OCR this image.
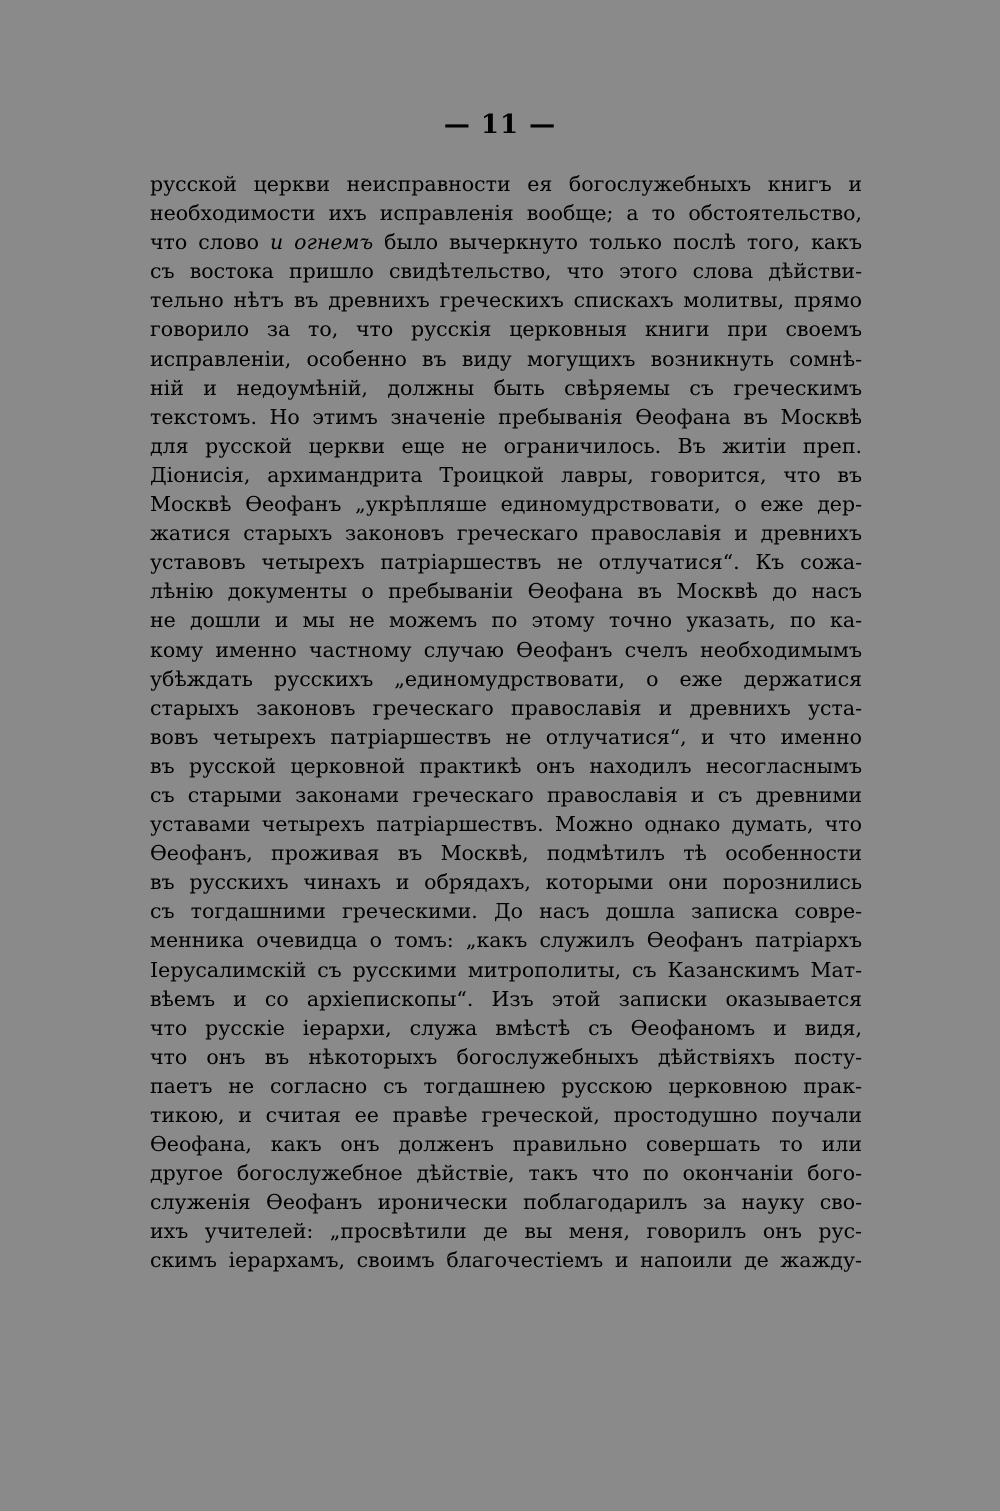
— 11 —
русской церкви неисправности ея богослужебныхъ книгъ и
необходимости ихъ исправленія вообще; а то обстоятельство,
что слово и огнемъ было вычеркнуто только послѣ того, какъ
съ востока пришло свидѣтельство, что этого слова дѣйстви-
тельно нѣтъ въ древнихъ греческихъ спискахъ молитвы, прямо
говорило за то, что русскія церковныя книги при своемъ
исправленіи, особенно въ виду могущихъ возникнуть сомнѣ-
ній и недоумѣній, должны быть свѣряемы съ греческимъ
текстомъ. Но этимъ значеніе пребыванія Ѳеофана въ Москвѣ
для русской церкви еще не ограничилось. Въ житіи преп.
Діонисія, архимандрита Троицкой лавры, говорится, что въ
Москвѣ Ѳеофанъ „укрѣпляше единомудрствовати, о еже дер-
жатися старыхъ законовъ греческаго православія и древнихъ
уставовъ четырехъ патріаршествъ не отлучатися“. Къ сожа-
лѣнію документы о пребываніи Ѳеофана въ Москвѣ до насъ
не дошли и мы не можемъ по этому точно указать, по ка-
кому именно частному случаю Ѳеофанъ счелъ необходимымъ
убѣждать русскихъ „единомудрствовати, о еже держатися
старыхъ законовъ греческаго православія и древнихъ уста-
вовъ четырехъ патріаршествъ не отлучатися“, и что именно
въ русской церковной практикѣ онъ находилъ несогласнымъ
съ старыми законами греческаго православія и съ древними
уставами четырехъ патріаршествъ. Можно однако думать, что
Ѳеофанъ, проживая въ Москвѣ, подмѣтилъ тѣ особенности
въ русскихъ чинахъ и обрядахъ, которыми они порознились
съ тогдашними греческими. До насъ дошла записка совре-
менника очевидца о томъ: „какъ служилъ Ѳеофанъ патріархъ
Іерусалимскій съ русскими митрополиты, съ Казанскимъ Мат-
вѣемъ и со архіепископы“. Изъ этой записки оказывается
что русскіе іерархи, служа вмѣстѣ съ Ѳеофаномъ и видя,
что онъ въ нѣкоторыхъ богослужебныхъ дѣйствіяхъ посту-
паетъ не согласно съ тогдашнею русскою церковною прак-
тикою, и считая ее правѣе греческой, простодушно поучали
Ѳеофана, какъ онъ долженъ правильно совершать то или
другое богослужебное дѣйствіе, такъ что по окончаніи бого-
служенія Ѳеофанъ иронически поблагодарилъ за науку сво-
ихъ учителей: „просвѣтили де вы меня, говорилъ онъ рус-
скимъ іерархамъ, своимъ благочестіемъ и напоили де жажду-
